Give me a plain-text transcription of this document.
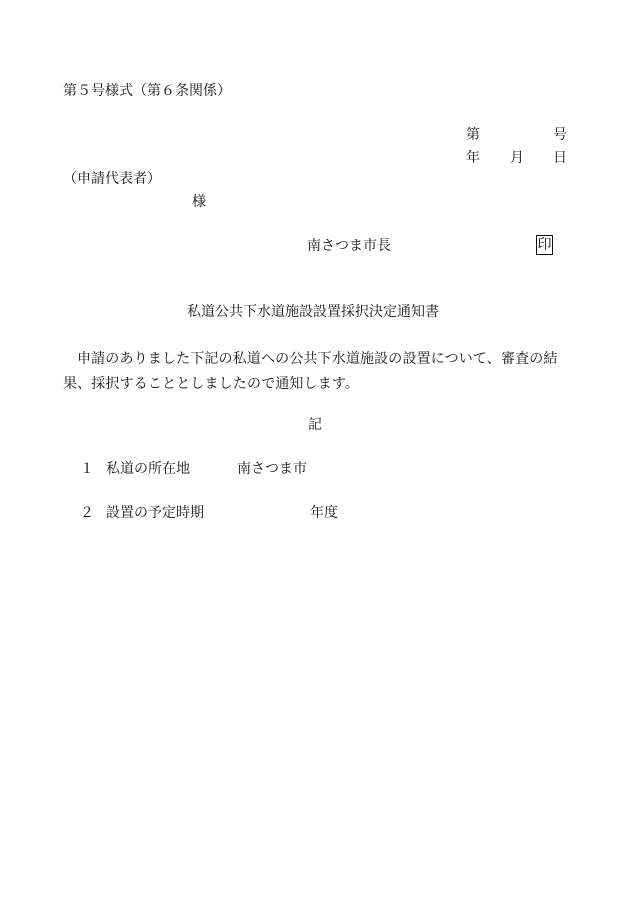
第５号様式（第６条関係）
第	号
年 月 日
（申請代表者）
様
南さつま市長	印
私道公共下水道施設設置採択決定通知書
申請のありました下記の私道への公共下水道施設の設置について、審査の結果、採択することとしましたので通知します。
記
１ 私道の所在地	南さつま市
２ 設置の予定時期	年度
